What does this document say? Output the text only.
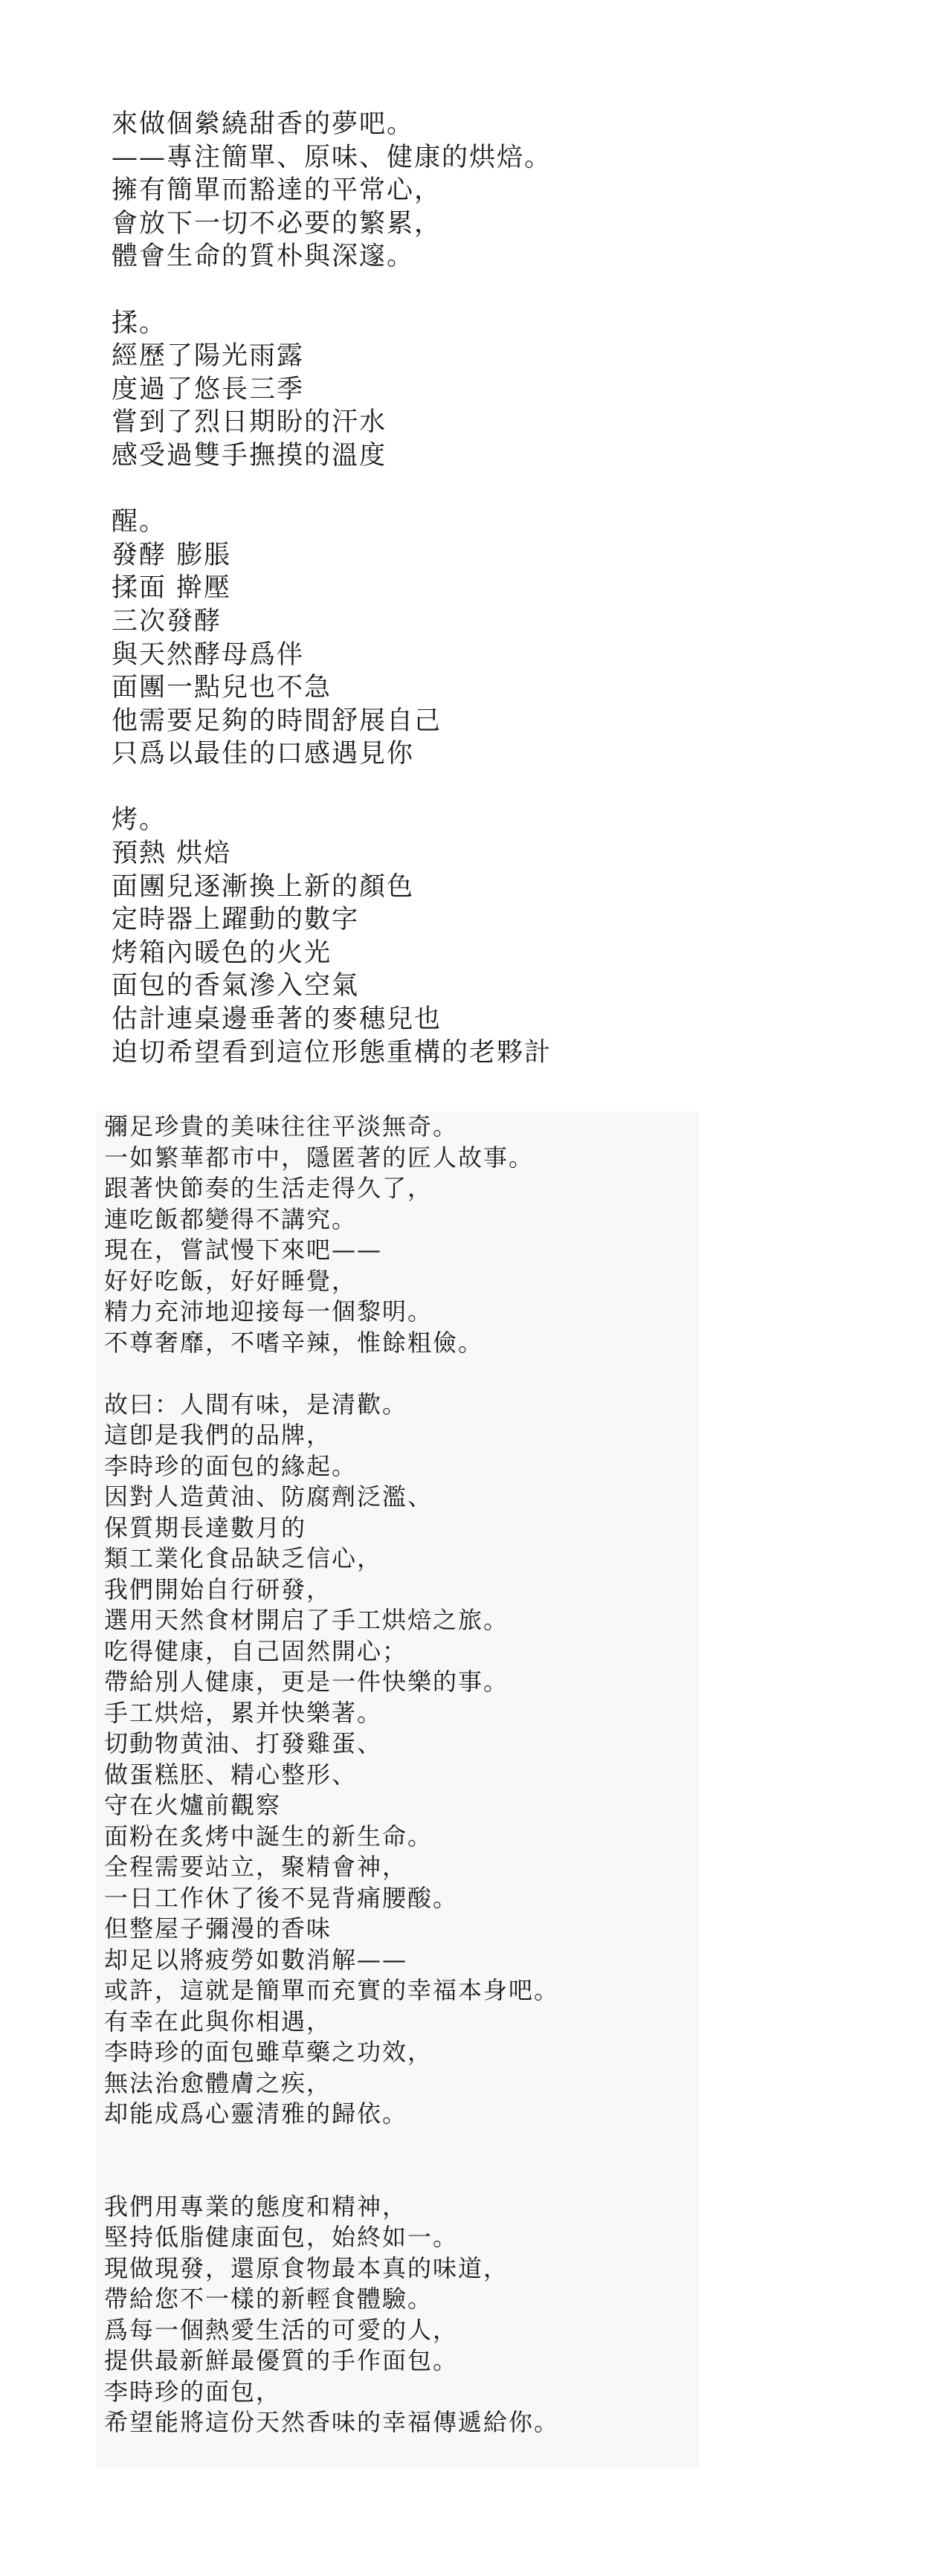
來做個縈繞甜香的夢吧。
——專注簡單、原味、健康的烘焙。
擁有簡單而豁達的平常心，
會放下一切不必要的繁累，
體會生命的質朴與深邃。
揉。
經歷了陽光雨露
度過了悠長三季
嘗到了烈日期盼的汗水
感受過雙手撫摸的溫度
醒。
發酵 膨脹
揉面 擀壓
三次發酵
與天然酵母爲伴
面團一點兒也不急
他需要足夠的時間舒展自己
只爲以最佳的口感遇見你
烤。
預熱 烘焙
面團兒逐漸換上新的顏色
定時器上躍動的數字
烤箱內暖色的火光
面包的香氣滲入空氣
估計連桌邊垂著的麥穗兒也
迫切希望看到這位形態重構的老夥計
彌足珍貴的美味往往平淡無奇。
一如繁華都市中，隱匿著的匠人故事。
跟著快節奏的生活走得久了，
連吃飯都變得不講究。
現在，嘗試慢下來吧——
好好吃飯，好好睡覺，
精力充沛地迎接每一個黎明。
不尊奢靡，不嗜辛辣，惟餘粗儉。
故曰：人間有味，是清歡。
這卽是我們的品牌，
李時珍的面包的緣起。
因對人造黄油、防腐劑泛濫、
保質期長達數月的
類工業化食品缺乏信心，
我們開始自行研發，
選用天然食材開启了手工烘焙之旅。
吃得健康，自己固然開心；
帶給別人健康，更是一件快樂的事。
手工烘焙，累并快樂著。
切動物黄油、打發雞蛋、
做蛋糕胚、精心整形、
守在火爐前觀察
面粉在炙烤中誕生的新生命。
全程需要站立，聚精會神，
一日工作休了後不晃背痛腰酸。
但整屋子彌漫的香味
却足以將疲勞如數消解——
或許，這就是簡單而充實的幸福本身吧。
有幸在此與你相遇，
李時珍的面包雖草藥之功效，
無法治愈體膚之疾，
却能成爲心靈清雅的歸依。
我們用專業的態度和精神，
堅持低脂健康面包，始終如一。
現做現發，還原食物最本真的味道，
帶給您不一樣的新輕食體驗。
爲每一個熱愛生活的可愛的人，
提供最新鮮最優質的手作面包。
李時珍的面包，
希望能將這份天然香味的幸福傳遞給你。
